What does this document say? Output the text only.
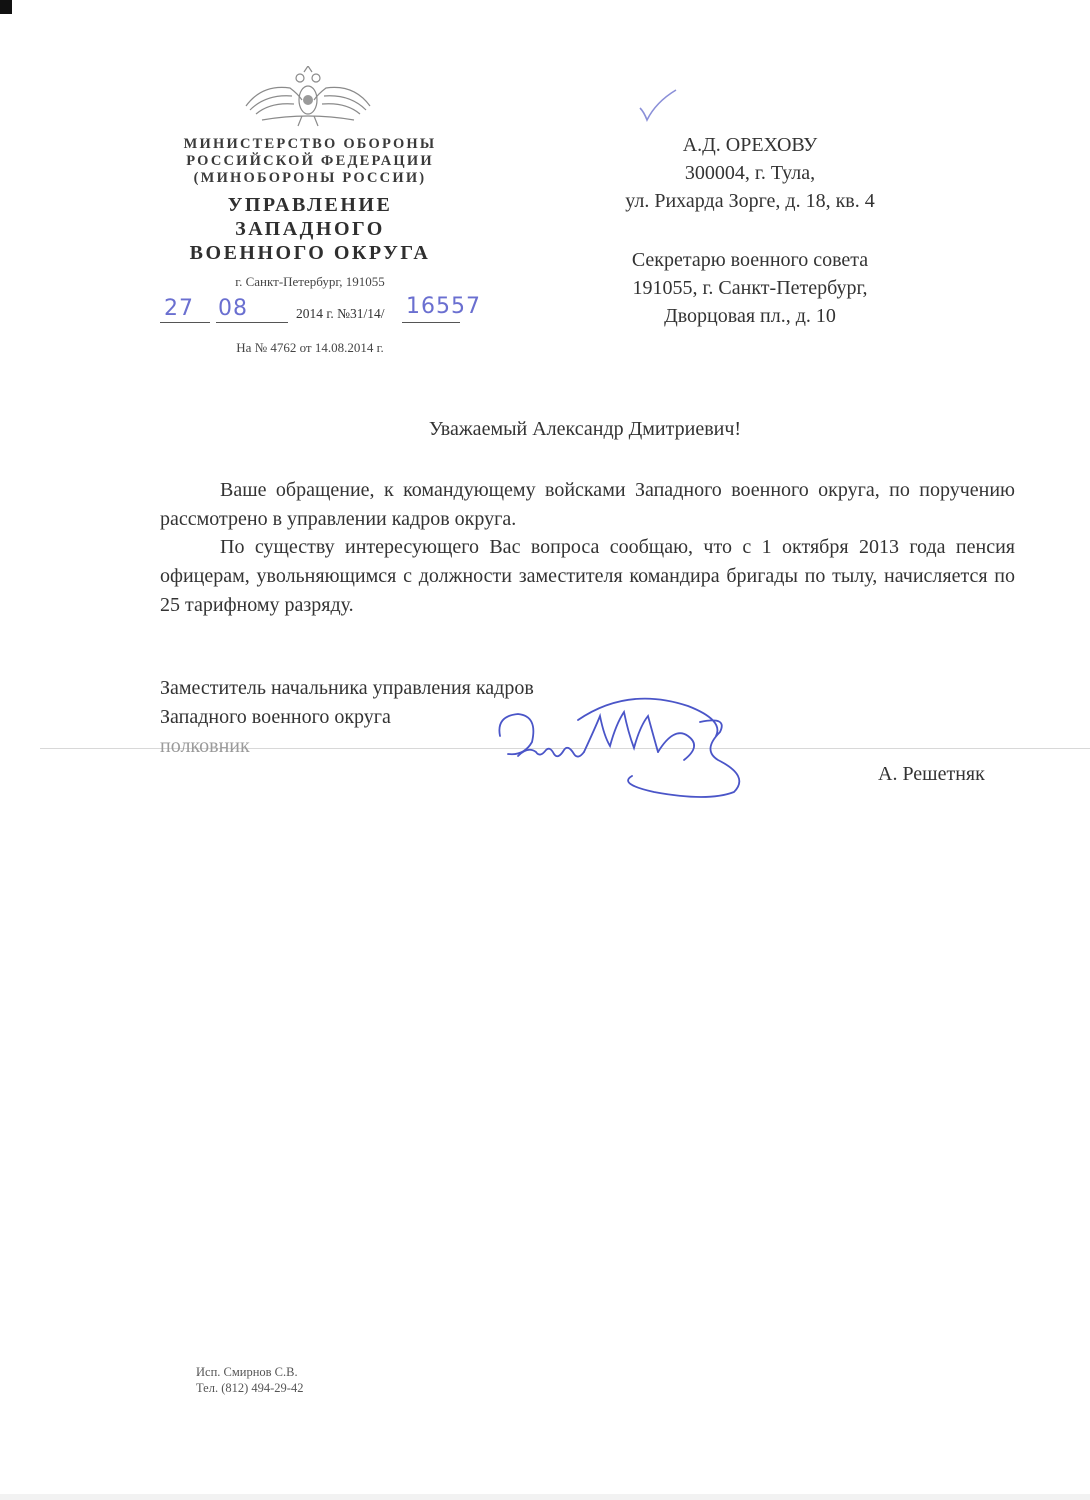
МИНИСТЕРСТВО ОБОРОНЫ
РОССИЙСКОЙ ФЕДЕРАЦИИ
(МИНОБОРОНЫ РОССИИ)
УПРАВЛЕНИЕ
ЗАПАДНОГО
ВОЕННОГО ОКРУГА
г. Санкт-Петербург, 191055
27 08	2014 г. №31/14/ 16557
На № 4762 от 14.08.2014 г.
А.Д. ОРЕХОВУ
300004, г. Тула,
ул. Рихарда Зорге, д. 18, кв. 4
Секретарю военного совета
191055, г. Санкт-Петербург,
Дворцовая пл., д. 10
Уважаемый Александр Дмитриевич!
Ваше обращение, к командующему войсками Западного военного округа, по поручению рассмотрено в управлении кадров округа.
По существу интересующего Вас вопроса сообщаю, что с 1 октября 2013 года пенсия офицерам, увольняющимся с должности заместителя командира бригады по тылу, начисляется по 25 тарифному разряду.
Заместитель начальника управления кадров
Западного военного округа
полковник
А. Решетняк
Исп. Смирнов С.В.
Тел. (812) 494-29-42
